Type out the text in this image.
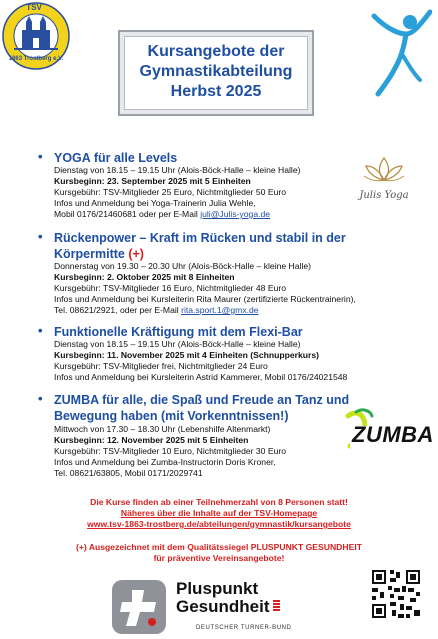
TSV
1863 Trostberg e.V.	Kursangebote der
Gymnastikabteilung
Herbst 2025
• YOGA für alle Levels
Dienstag von 18.15 – 19.15 Uhr (Alois-Böck-Halle – kleine Halle)
Kursbeginn: 23. September 2025 mit 5 Einheiten
Kursgebühr: TSV-Mitglieder 25 Euro, Nichtmitglieder 50 Euro
Infos und Anmeldung bei Yoga-Trainerin Julia Wehle,
Mobil 0176/21460681 oder per E-Mail juli@Julis-yoga.de
Julis Yoga
• Rückenpower – Kraft im Rücken und stabil in der
Körpermitte (+)
Donnerstag von 19.30 – 20.30 Uhr (Alois-Böck-Halle – kleine Halle)
Kursbeginn: 2. Oktober 2025 mit 8 Einheiten
Kursgebühr: TSV-Mitglieder 16 Euro, Nichtmitglieder 48 Euro
Infos und Anmeldung bei Kursleiterin Rita Maurer (zertifizierte Rückentrainerin),
Tel. 08621/2921, oder per E-Mail rita.sport.1@gmx.de
• Funktionelle Kräftigung mit dem Flexi-Bar
Dienstag von 18.15 – 19.15 Uhr (Alois-Böck-Halle – kleine Halle)
Kursbeginn: 11. November 2025 mit 4 Einheiten (Schnupperkurs)
Kursgebühr: TSV-Mitglieder frei, Nichtmitglieder 24 Euro
Infos und Anmeldung bei Kursleiterin Astrid Kammerer, Mobil 0176/24021548
• ZUMBA für alle, die Spaß und Freude an Tanz und
Bewegung haben (mit Vorkenntnissen!)
Mittwoch von 17.30 – 18.30 Uhr (Lebenshilfe Altenmarkt)
Kursbeginn: 12. November 2025 mit 5 Einheiten
Kursgebühr: TSV-Mitglieder 10 Euro, Nichtmitglieder 30 Euro
Infos und Anmeldung bei Zumba-Instructorin Doris Kroner,
Tel. 08621/63805, Mobil 0171/2029741
ZUMBA
Die Kurse finden ab einer Teilnehmerzahl von 8 Personen statt!
Näheres über die Inhalte auf der TSV-Homepage
www.tsv-1863-trostberg.de/abteilungen/gymnastik/kursangebote
(+) Ausgezeichnet mit dem Qualitätssiegel PLUSPUNKT GESUNDHEIT
für präventive Vereinsangebote!
Pluspunkt
Gesundheit
DEUTSCHER TURNER-BUND
